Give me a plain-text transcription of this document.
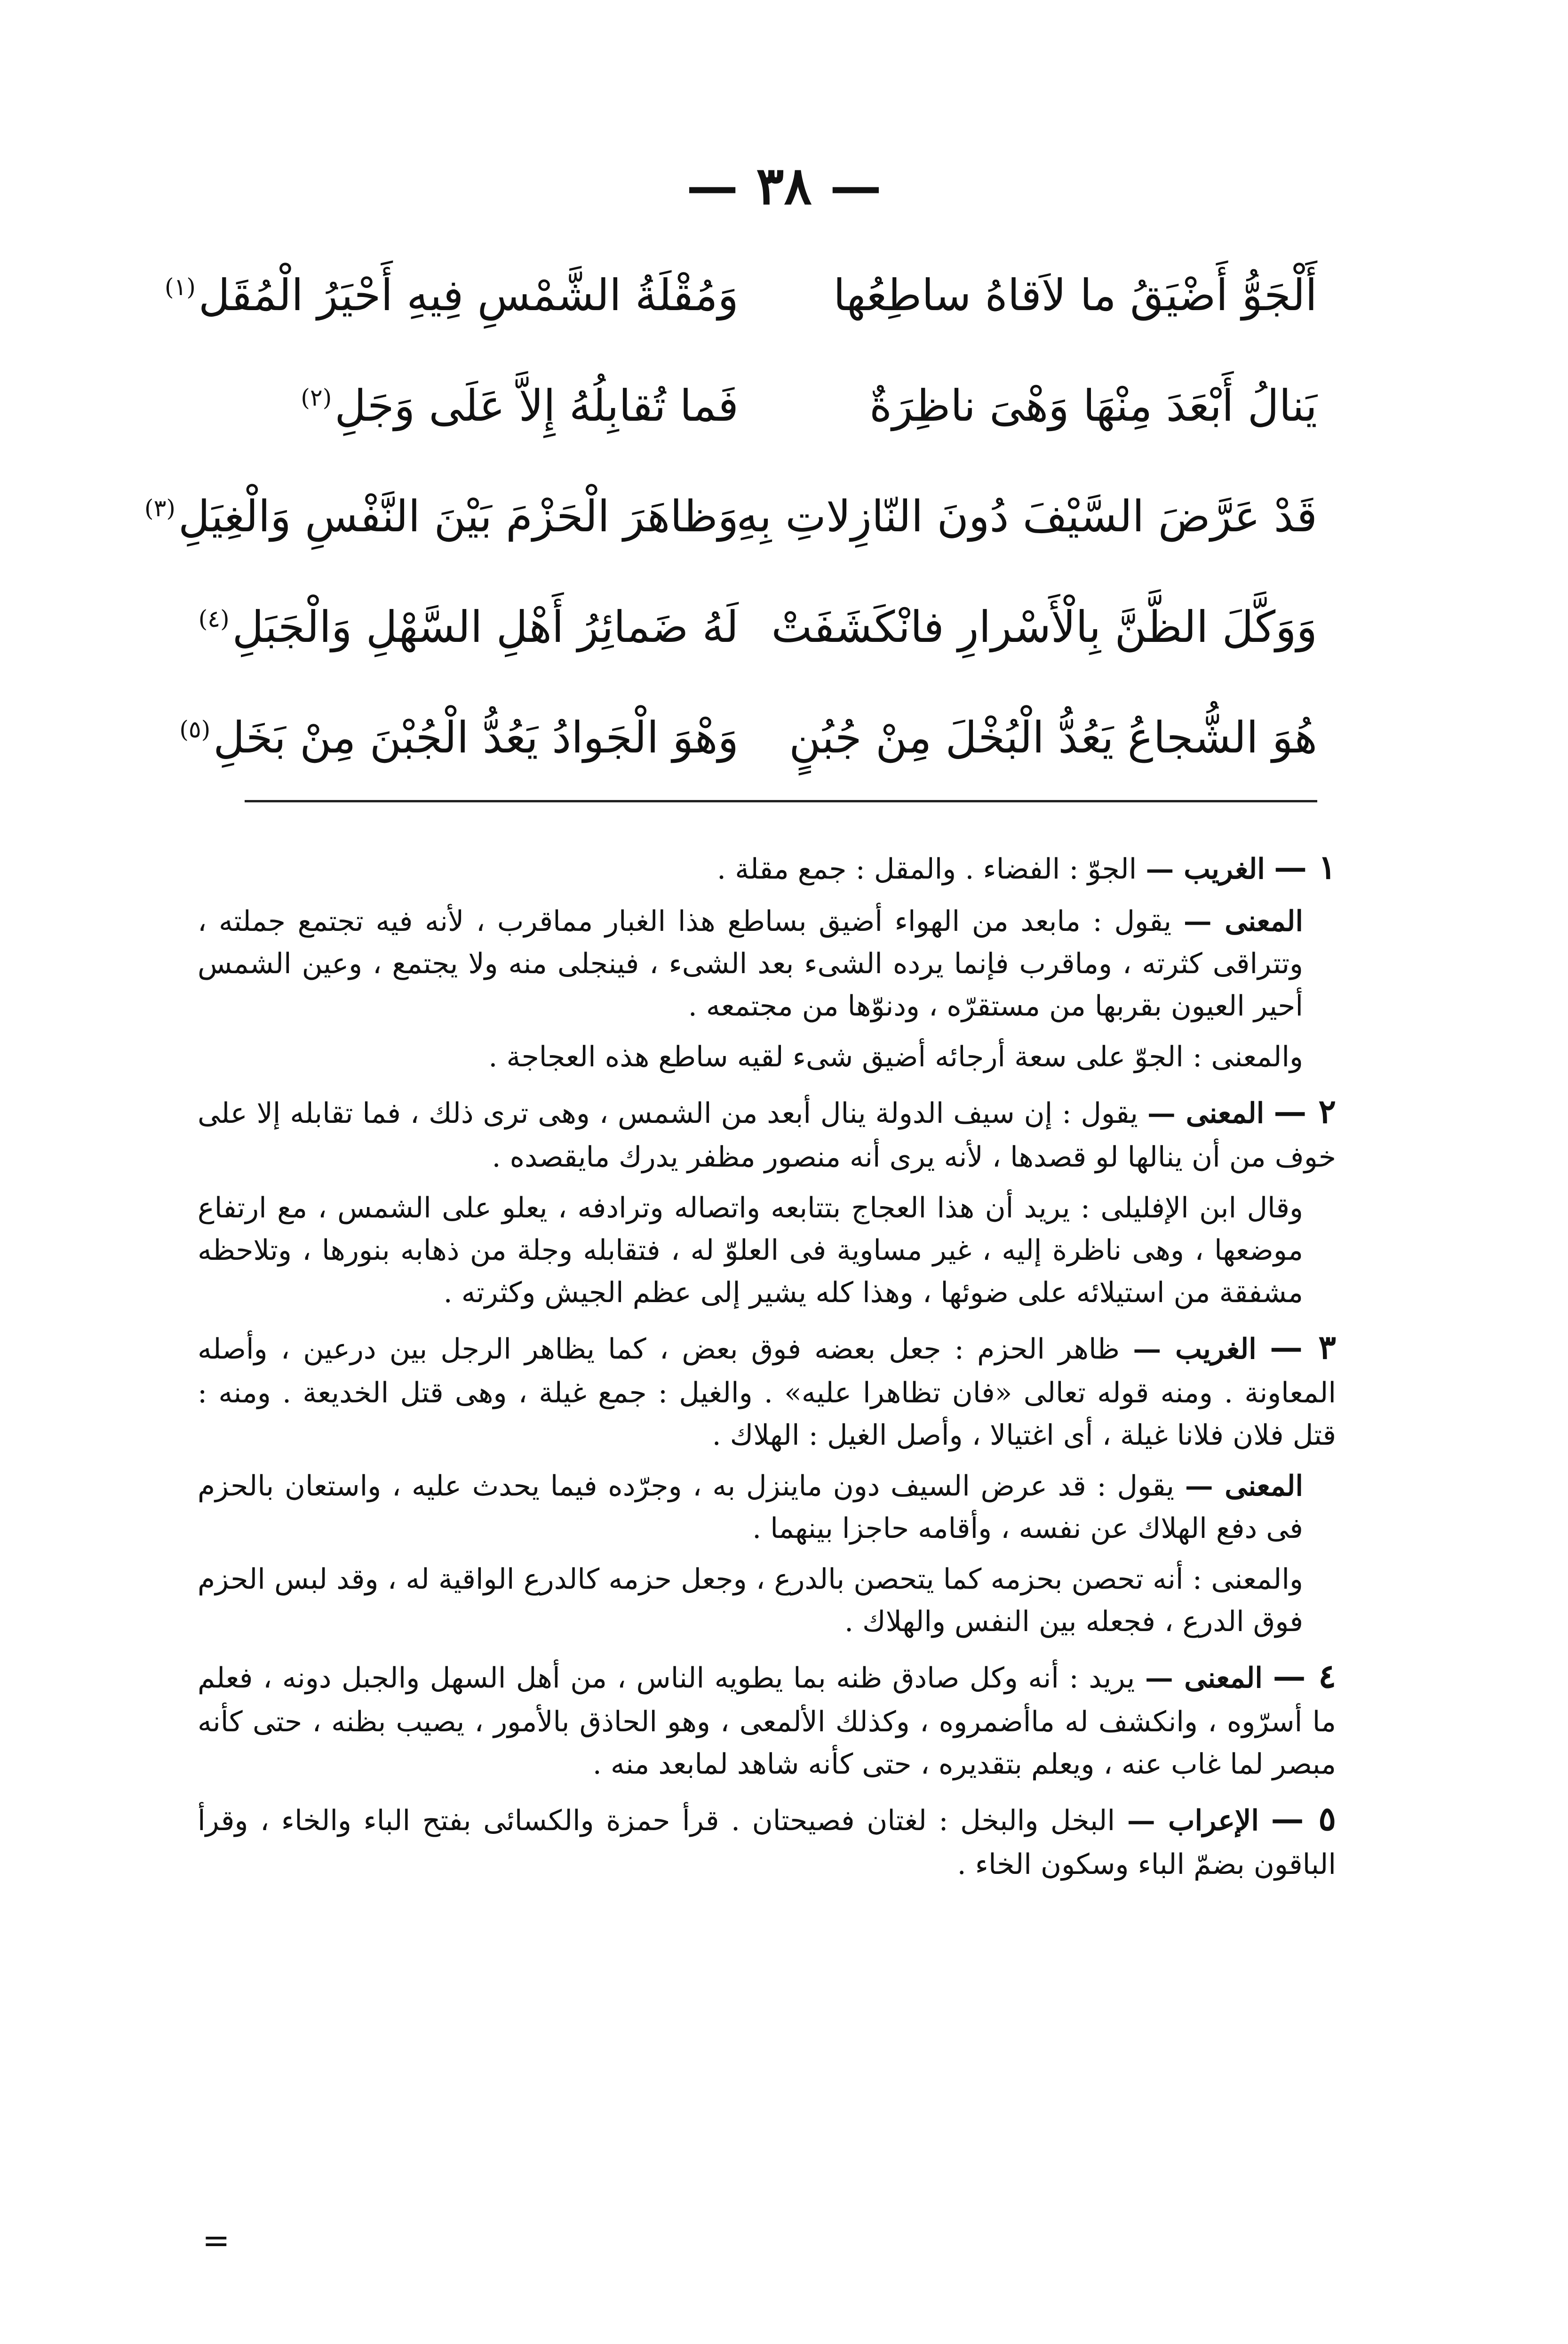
— ٣٨ —
أَلْجَوُّ أَضْيَقُ ما لاَقاهُ ساطِعُها
وَمُقْلَةُ الشَّمْسِ فِيهِ أَحْيَرُ الْمُقَل$^{(١)}$
يَنالُ أَبْعَدَ مِنْهَا وَهْىَ ناظِرَةٌ
فَما تُقابِلُهُ إِلاَّ عَلَى وَجَلِ$^{(٢)}$
قَدْ عَرَّضَ السَّيْفَ دُونَ النّازِلاتِ بِهِ
وَظاهَرَ الْحَزْمَ بَيْنَ النَّفْسِ وَالْغِيَلِ$^{(٣)}$
وَوَكَّلَ الظَّنَّ بِالْأَسْرارِ فانْكَشَفَتْ
لَهُ ضَمائِرُ أَهْلِ السَّهْلِ وَالْجَبَلِ$^{(٤)}$
هُوَ الشُّجاعُ يَعُدُّ الْبُخْلَ مِنْ جُبُنٍ
وَهْوَ الْجَوادُ يَعُدُّ الْجُبْنَ مِنْ بَخَلِ$^{(٥)}$

١ — الغريب — الجوّ : الفضاء . والمقل : جمع مقلة .

المعنى — يقول : مابعد من الهواء أضيق بساطع هذا الغبار مماقرب ، لأنه فيه تجتمع جملته ، وتتراقى كثرته ، وماقرب فإنما يرده الشىء بعد الشىء ، فينجلى منه ولا يجتمع ، وعين الشمس أحير العيون بقربها من مستقرّه ، ودنوّها من مجتمعه .

والمعنى : الجوّ على سعة أرجائه أضيق شىء لقيه ساطع هذه العجاجة .

٢ — المعنى — يقول : إن سيف الدولة ينال أبعد من الشمس ، وهى ترى ذلك ، فما تقابله إلا على خوف من أن ينالها لو قصدها ، لأنه يرى أنه منصور مظفر يدرك مايقصده .

وقال ابن الإفليلى : يريد أن هذا العجاج بتتابعه واتصاله وترادفه ، يعلو على الشمس ، مع ارتفاع موضعها ، وهى ناظرة إليه ، غير مساوية فى العلوّ له ، فتقابله وجلة من ذهابه بنورها ، وتلاحظه مشفقة من استيلائه على ضوئها ، وهذا كله يشير إلى عظم الجيش وكثرته .

٣ — الغريب — ظاهر الحزم : جعل بعضه فوق بعض ، كما يظاهر الرجل بين درعين ، وأصله المعاونة . ومنه قوله تعالى «فان تظاهرا عليه» . والغيل : جمع غيلة ، وهى قتل الخديعة . ومنه : قتل فلان فلانا غيلة ، أى اغتيالا ، وأصل الغيل : الهلاك .

المعنى — يقول : قد عرض السيف دون ماينزل به ، وجرّده فيما يحدث عليه ، واستعان بالحزم فى دفع الهلاك عن نفسه ، وأقامه حاجزا بينهما .

والمعنى : أنه تحصن بحزمه كما يتحصن بالدرع ، وجعل حزمه كالدرع الواقية له ، وقد لبس الحزم فوق الدرع ، فجعله بين النفس والهلاك .

٤ — المعنى — يريد : أنه وكل صادق ظنه بما يطويه الناس ، من أهل السهل والجبل دونه ، فعلم ما أسرّوه ، وانكشف له ماأضمروه ، وكذلك الألمعى ، وهو الحاذق بالأمور ، يصيب بظنه ، حتى كأنه مبصر لما غاب عنه ، ويعلم بتقديره ، حتى كأنه شاهد لمابعد منه .

٥ — الإعراب — البخل والبخل : لغتان فصيحتان . قرأ حمزة والكسائى بفتح الباء والخاء ، وقرأ الباقون بضمّ الباء وسكون الخاء .

=
